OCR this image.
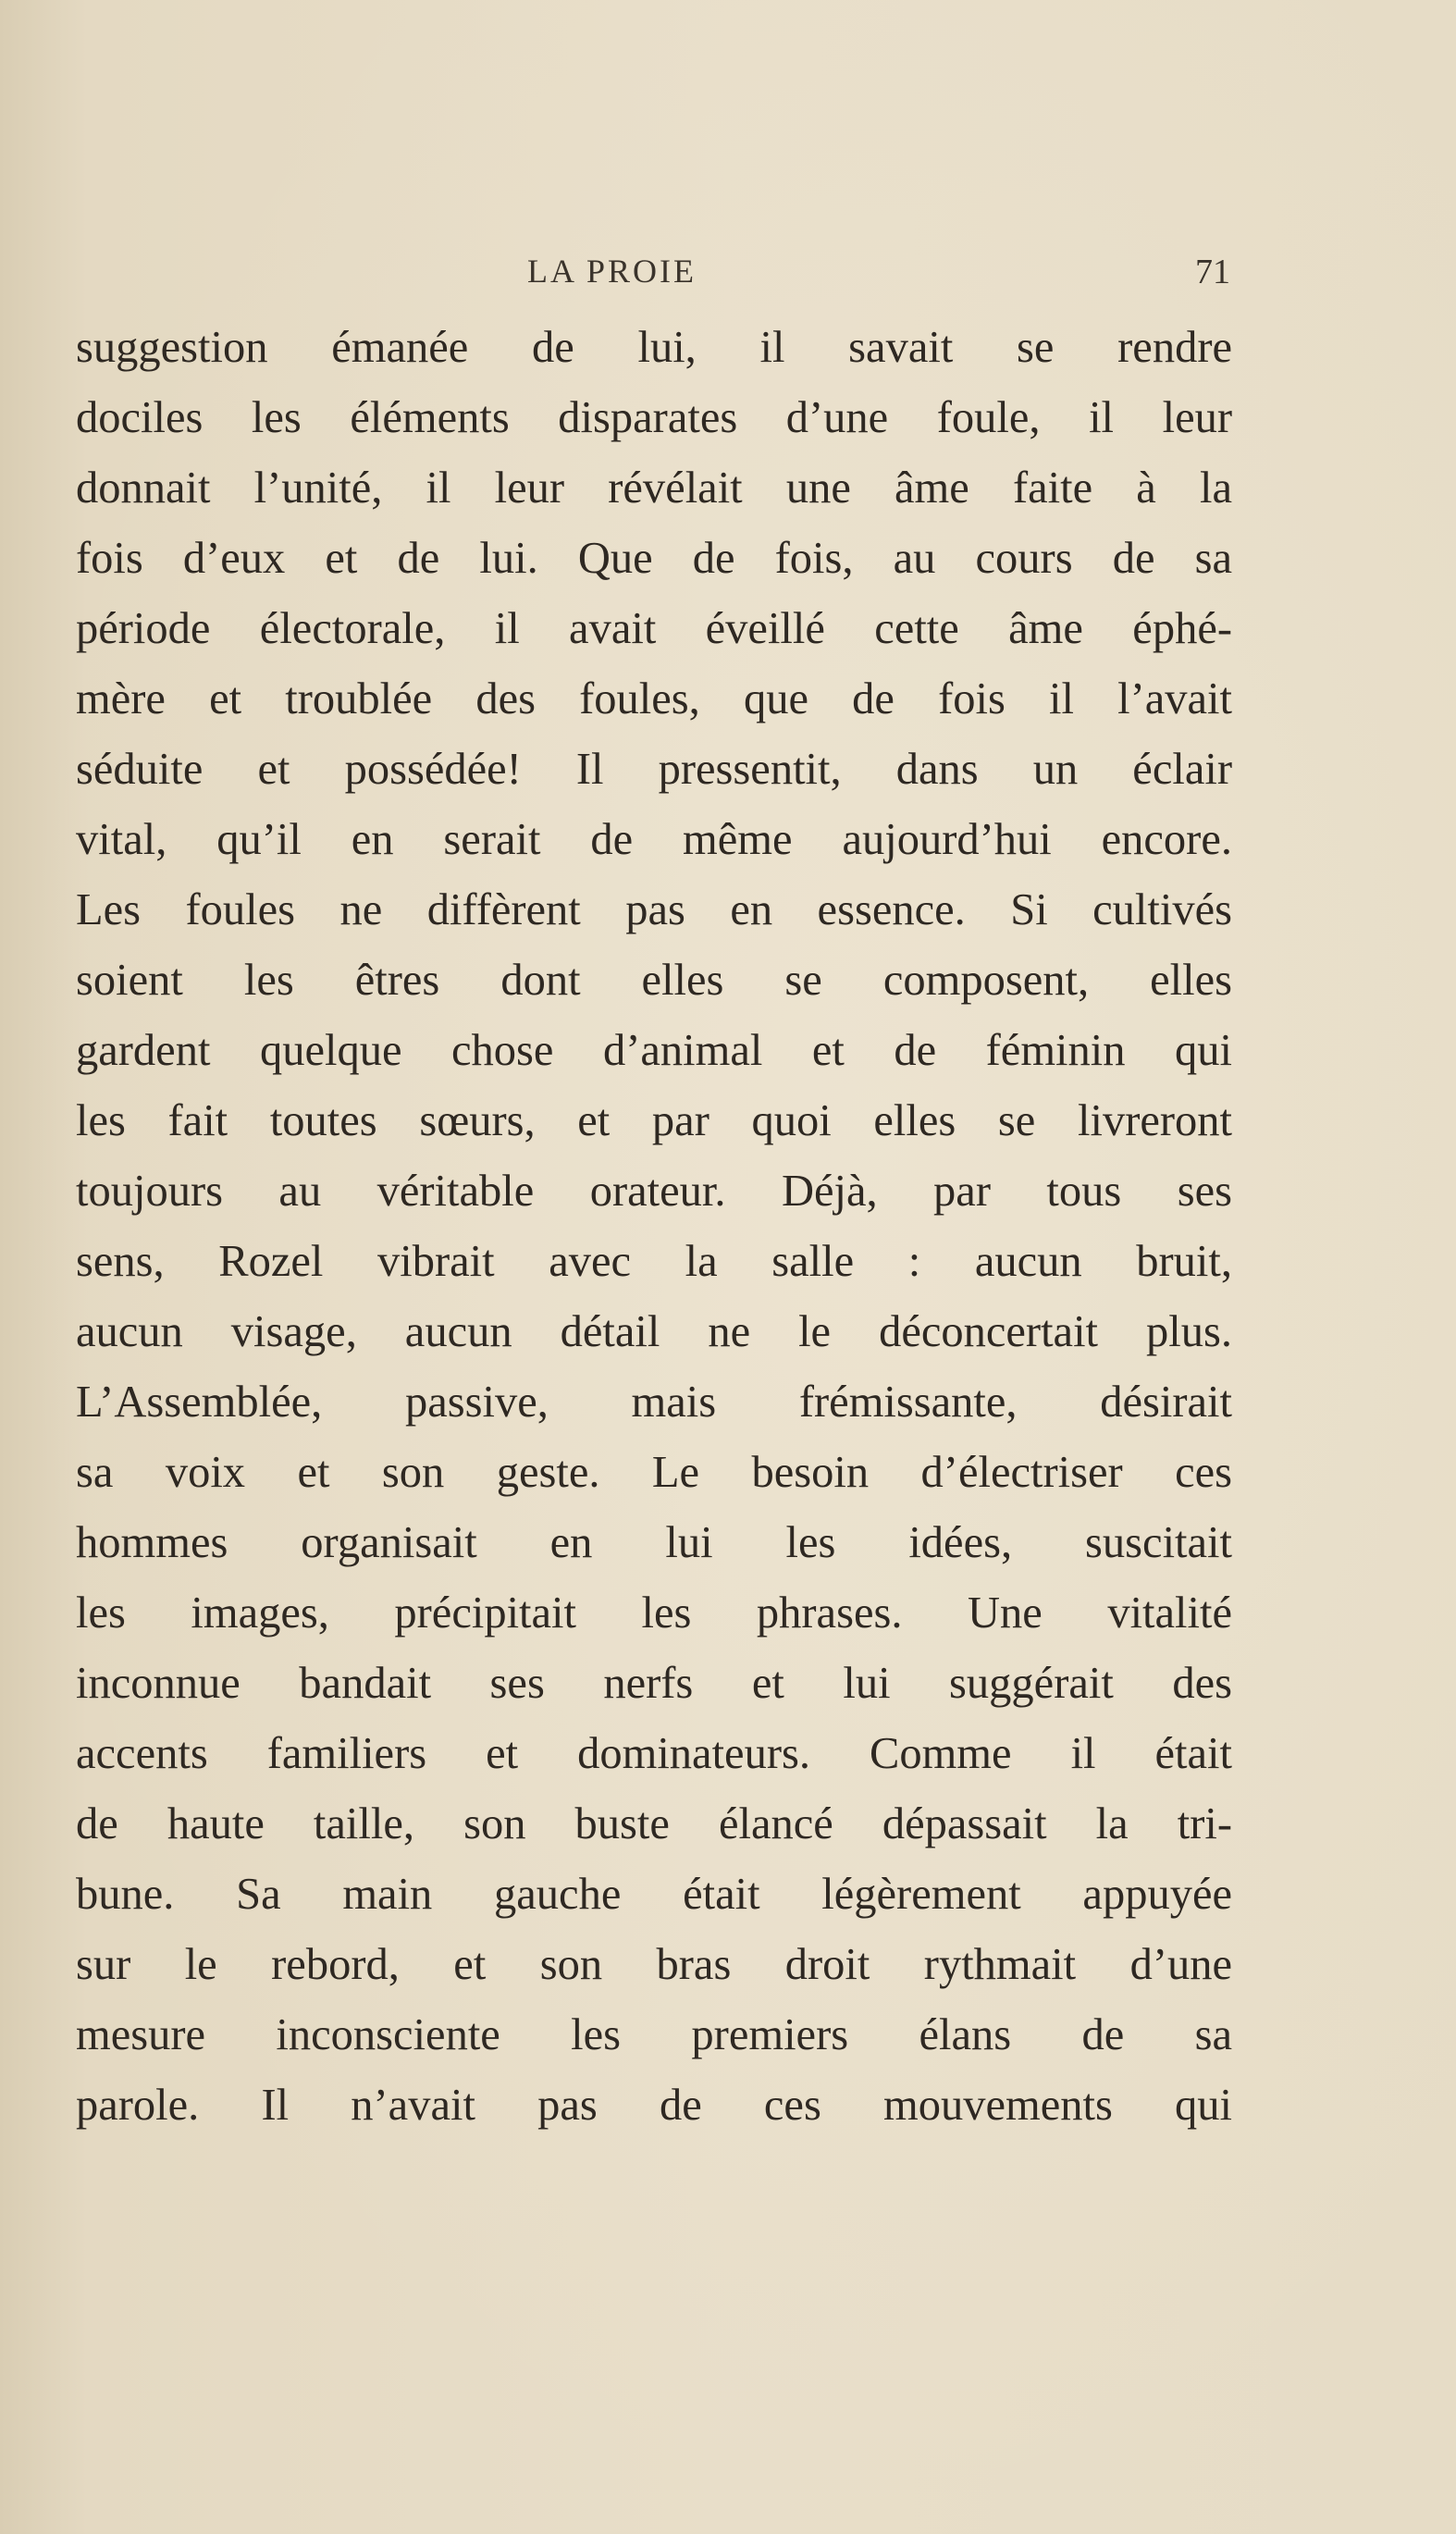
LA PROIE	71
suggestion émanée de lui, il savait se rendre
dociles les éléments disparates d’une foule, il leur
donnait l’unité, il leur révélait une âme faite à la
fois d’eux et de lui. Que de fois, au cours de sa
période électorale, il avait éveillé cette âme éphé-
mère et troublée des foules, que de fois il l’avait
séduite et possédée! Il pressentit, dans un éclair
vital, qu’il en serait de même aujourd’hui encore.
Les foules ne diffèrent pas en essence. Si cultivés
soient les êtres dont elles se composent, elles
gardent quelque chose d’animal et de féminin qui
les fait toutes sœurs, et par quoi elles se livreront
toujours au véritable orateur. Déjà, par tous ses
sens, Rozel vibrait avec la salle : aucun bruit,
aucun visage, aucun détail ne le déconcertait plus.
L’Assemblée, passive, mais frémissante, désirait
sa voix et son geste. Le besoin d’électriser ces
hommes organisait en lui les idées, suscitait
les images, précipitait les phrases. Une vitalité
inconnue bandait ses nerfs et lui suggérait des
accents familiers et dominateurs. Comme il était
de haute taille, son buste élancé dépassait la tri-
bune. Sa main gauche était légèrement appuyée
sur le rebord, et son bras droit rythmait d’une
mesure inconsciente les premiers élans de sa
parole. Il n’avait pas de ces mouvements qui
